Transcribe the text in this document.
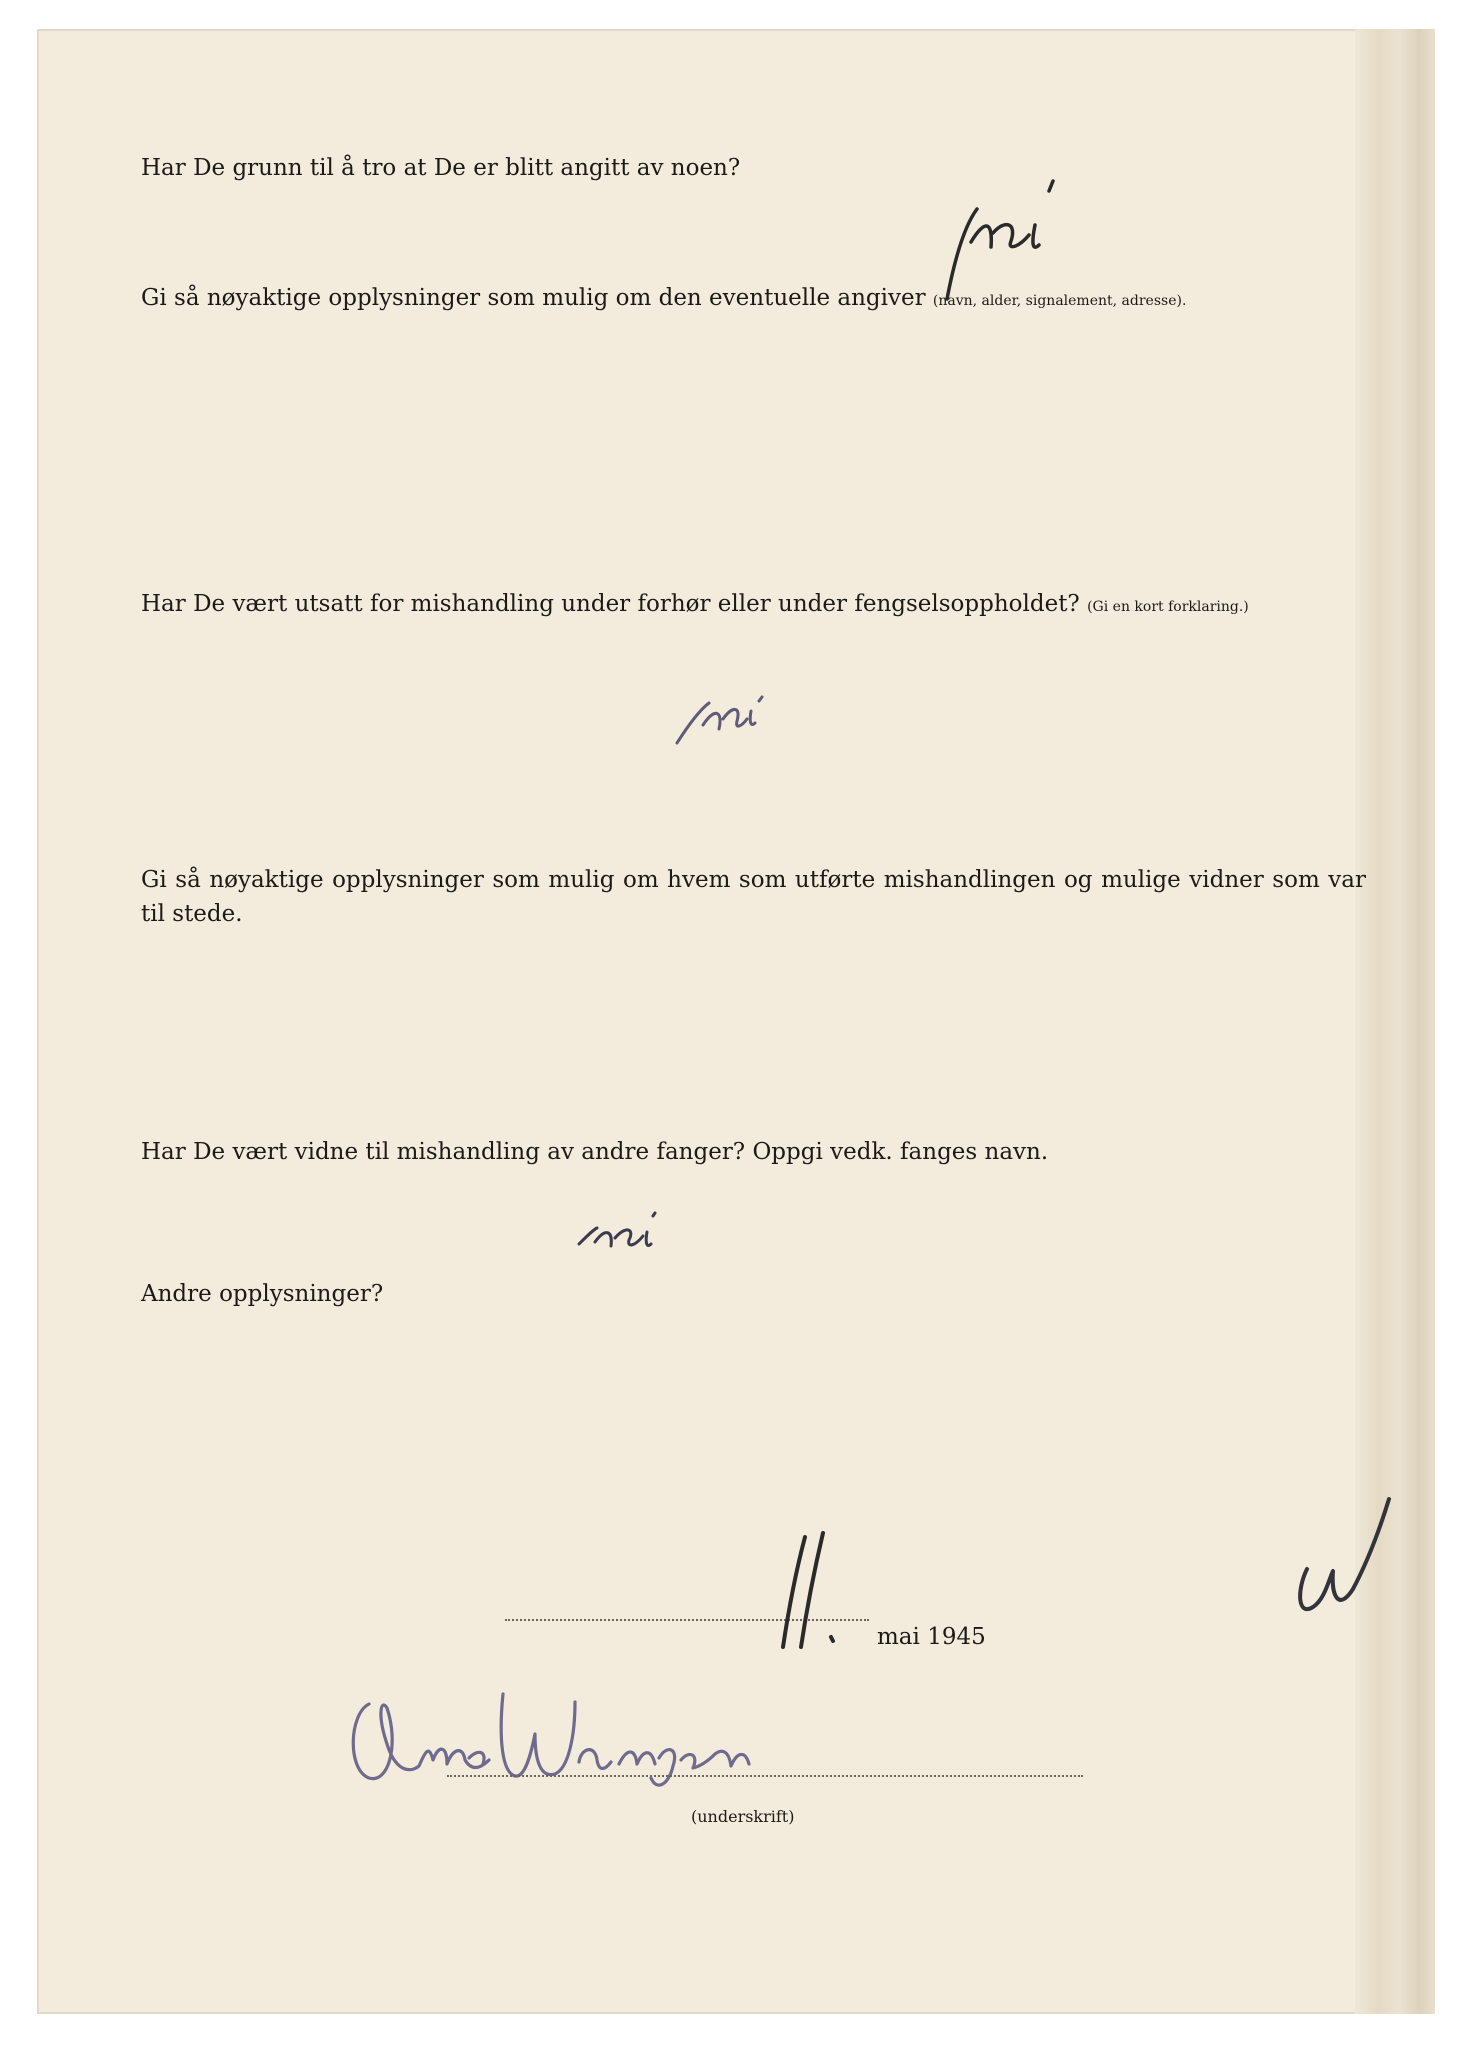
Har De grunn til å tro at De er blitt angitt av noen?
Gi så nøyaktige opplysninger som mulig om den eventuelle angiver (navn, alder, signalement, adresse).
Har De vært utsatt for mishandling under forhør eller under fengselsoppholdet? (Gi en kort forklaring.)
Gi så nøyaktige opplysninger som mulig om hvem som utførte mishandlingen og mulige vidner som var til stede.
Har De vært vidne til mishandling av andre fanger? Oppgi vedk. fanges navn.
Andre opplysninger?
mai 1945
(underskrift)
